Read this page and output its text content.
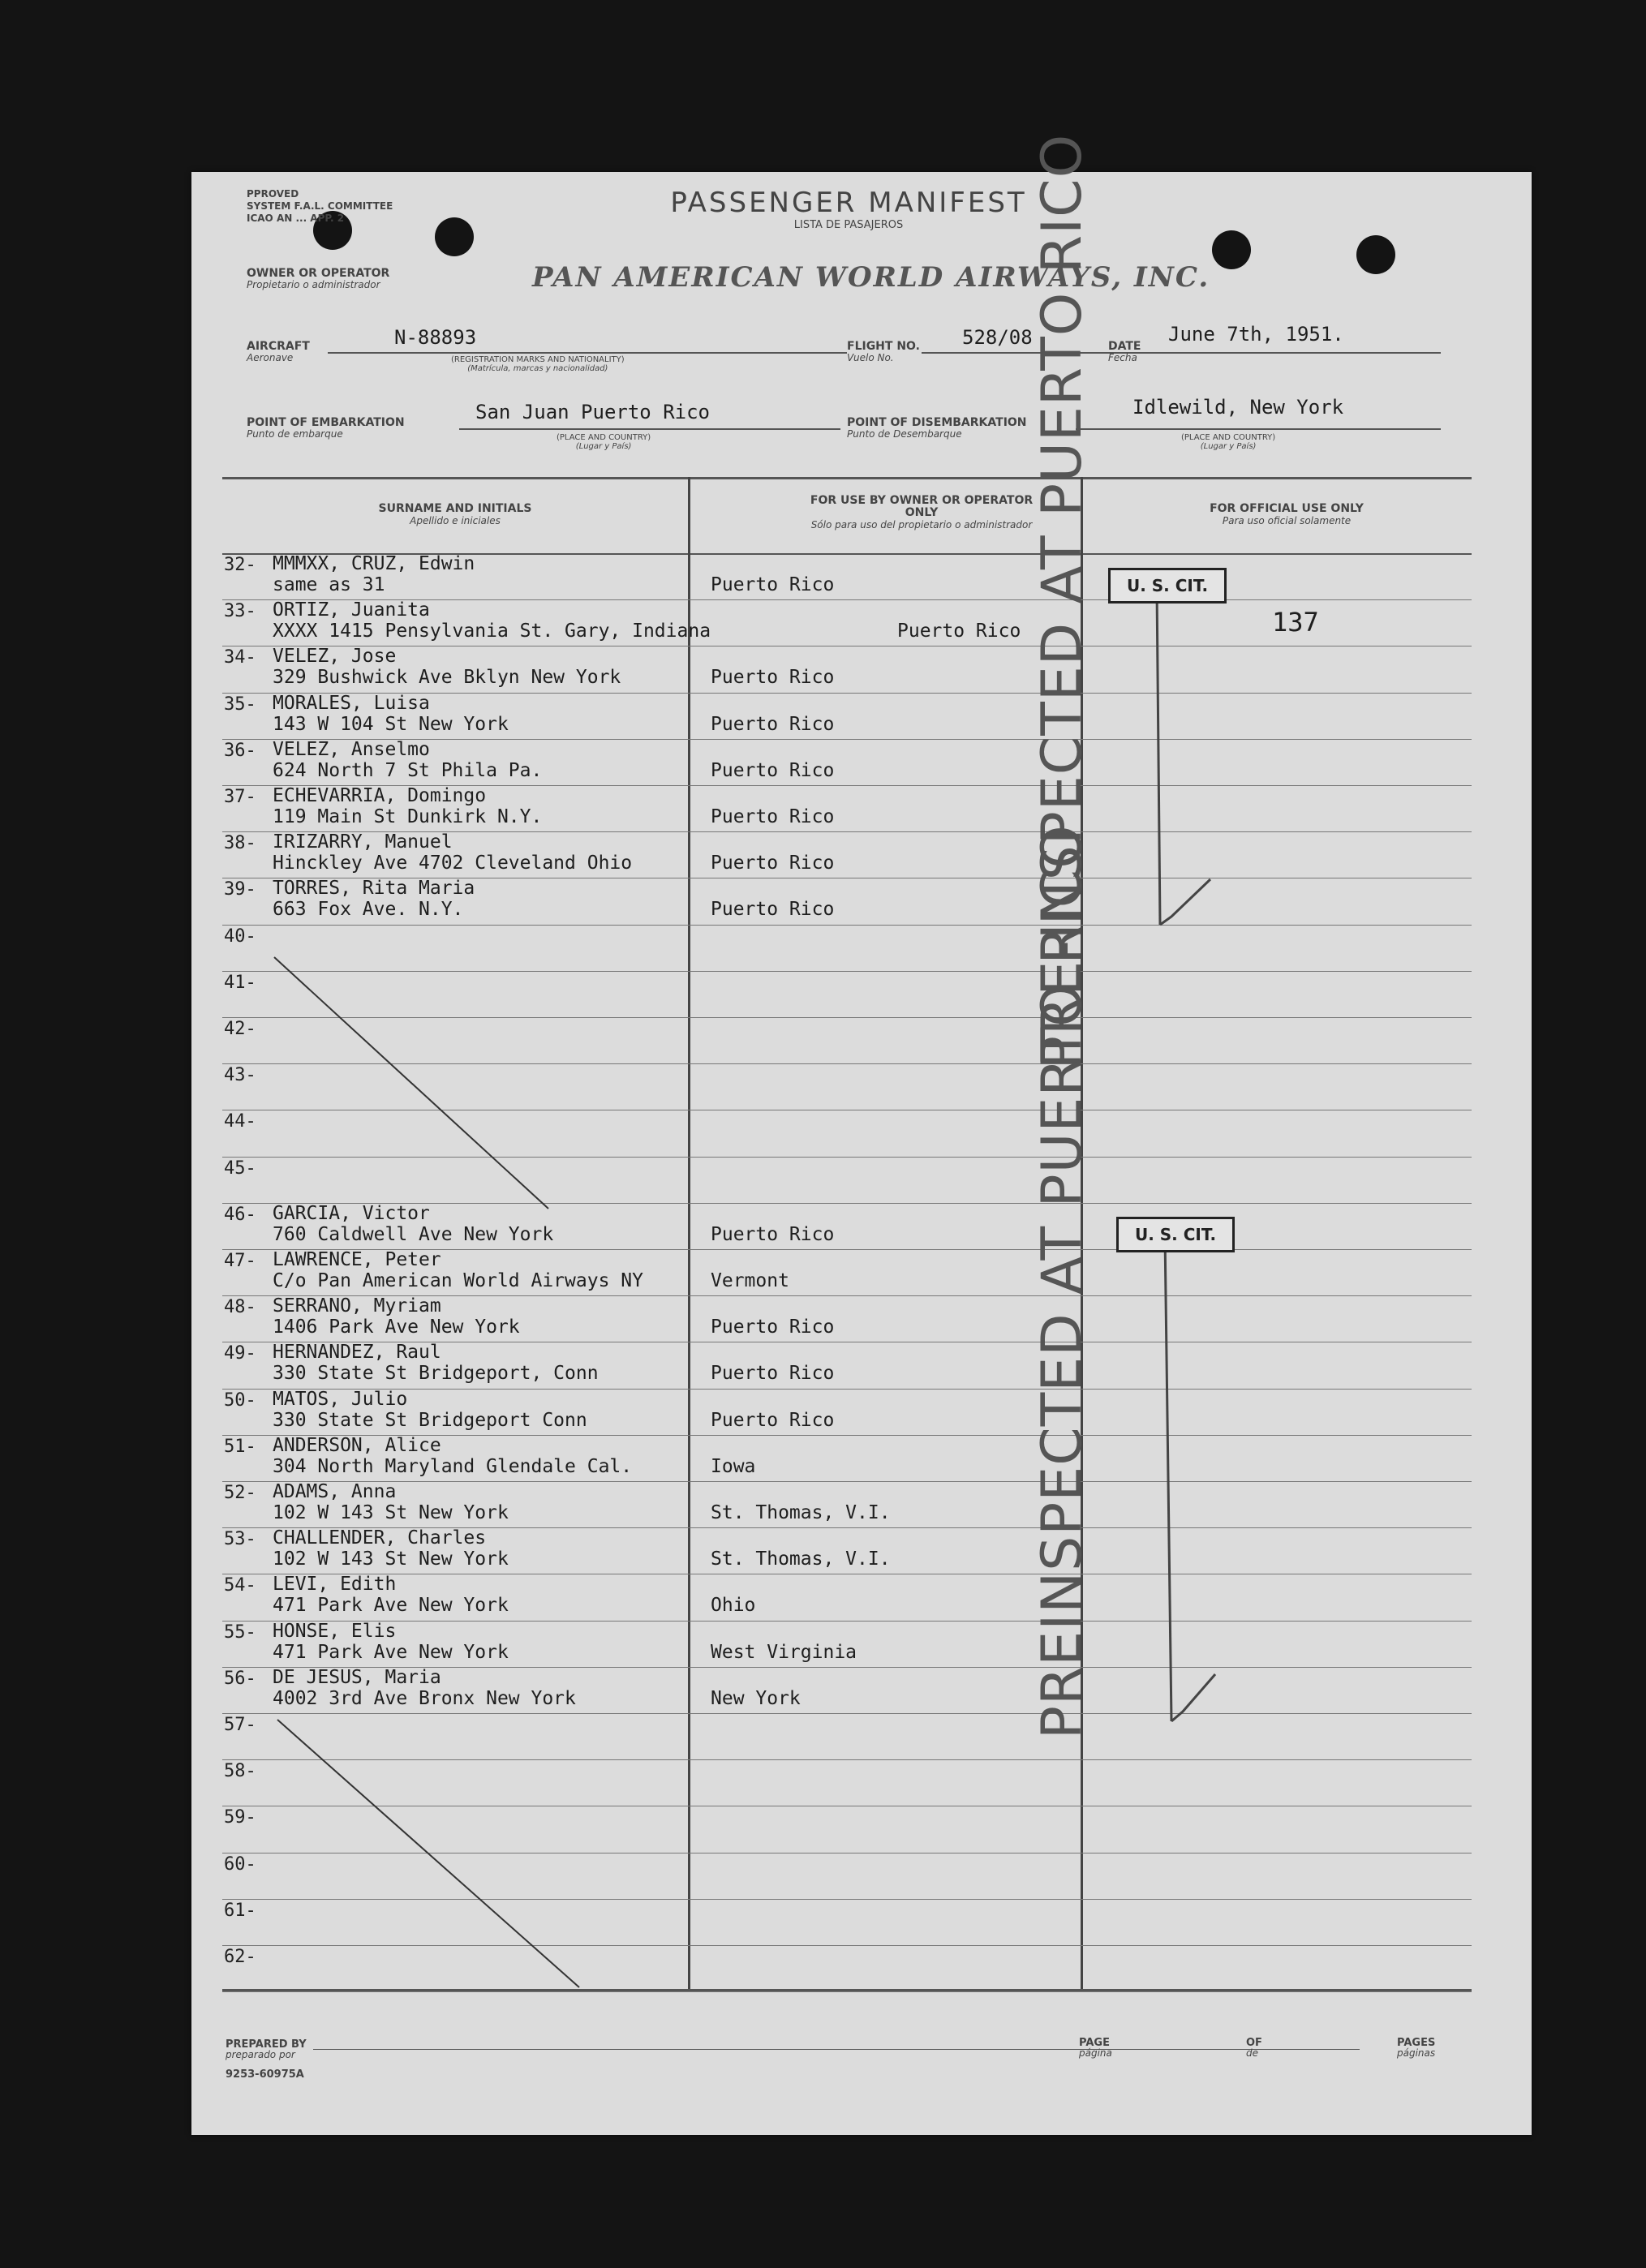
PPROVED
SYSTEM F.A.L. COMMITTEE
ICAO AN ... APP. 2	PASSENGER MANIFEST
LISTA DE PASAJEROS
OWNER OR OPERATOR
Propietario o administrador	PAN AMERICAN WORLD AIRWAYS, INC.
AIRCRAFT
Aeronave
N-88893
(REGISTRATION MARKS AND NATIONALITY)
(Matrícula, marcas y nacionalidad)
FLIGHT NO.
Vuelo No.
528/08	DATE
Fecha
June 7th, 1951.
POINT OF EMBARKATION
Punto de embarque
San Juan Puerto Rico
(PLACE AND COUNTRY)
(Lugar y País)
POINT OF DISEMBARKATION
Punto de Desembarque
Idlewild, New York
(PLACE AND COUNTRY)
(Lugar y País)
SURNAME AND INITIALS
Apellido e iniciales
FOR USE BY OWNER OR OPERATOR ONLY
Sólo para uso del propietario o administrador
FOR OFFICIAL USE ONLY
Para uso oficial solamente
32- MMMXX, CRUZ, Edwin
same as 31	Puerto Rico
33- ORTIZ, Juanita
XXXX 1415 Pensylvania St. Gary, Indiana	Puerto Rico
34- VELEZ, Jose
329 Bushwick Ave Bklyn New York	Puerto Rico
35- MORALES, Luisa
143 W 104 St New York	Puerto Rico
36- VELEZ, Anselmo
624 North 7 St Phila Pa.	Puerto Rico
37- ECHEVARRIA, Domingo
119 Main St Dunkirk N.Y.	Puerto Rico
38- IRIZARRY, Manuel
Hinckley Ave 4702 Cleveland Ohio	Puerto Rico
39- TORRES, Rita Maria
663 Fox Ave. N.Y.	Puerto Rico
40-
41-
42-
43-
44-
45-
46- GARCIA, Victor
760 Caldwell Ave New York	Puerto Rico
47- LAWRENCE, Peter
C/o Pan American World Airways NY	Vermont
48- SERRANO, Myriam
1406 Park Ave New York	Puerto Rico
49- HERNANDEZ, Raul
330 State St Bridgeport, Conn	Puerto Rico
50- MATOS, Julio
330 State St Bridgeport Conn	Puerto Rico
51- ANDERSON, Alice
304 North Maryland Glendale Cal.	Iowa
52- ADAMS, Anna
102 W 143 St New York	St. Thomas, V.I.
53- CHALLENDER, Charles
102 W 143 St New York	St. Thomas, V.I.
54- LEVI, Edith
471 Park Ave New York	Ohio
55- HONSE, Elis
471 Park Ave New York	West Virginia
56- DE JESUS, Maria
4002 3rd Ave Bronx New York	New York
57-
58-
59-
60-
61-
62-
PRE-INSPECTED AT PUERTO RICO
PREINSPECTED AT PUERTO RICO
U. S. CIT.
U. S. CIT.
137
PREPARED BY
preparado por
PAGE
página
OF
de
PAGES
páginas
9253-60975A
